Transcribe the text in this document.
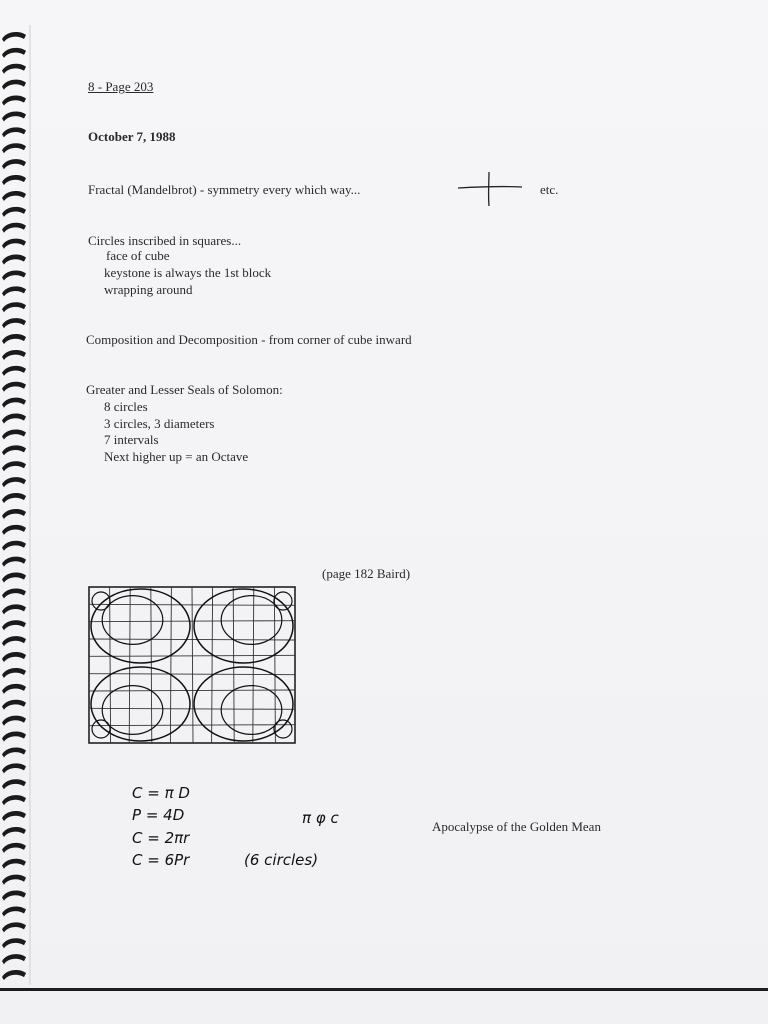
8 - Page 203
October 7, 1988
Fractal (Mandelbrot) - symmetry every which way...	etc.
Circles inscribed in squares...
face of cube
keystone is always the 1st block
wrapping around
Composition and Decomposition - from corner of cube inward
Greater and Lesser Seals of Solomon:
8 circles
3 circles, 3 diameters
7 intervals
Next higher up = an Octave
(page 182 Baird)
C = π D
P = 4D
C = 2πr
C = 6Pr	(6 circles)
π φ c	Apocalypse of the Golden Mean
